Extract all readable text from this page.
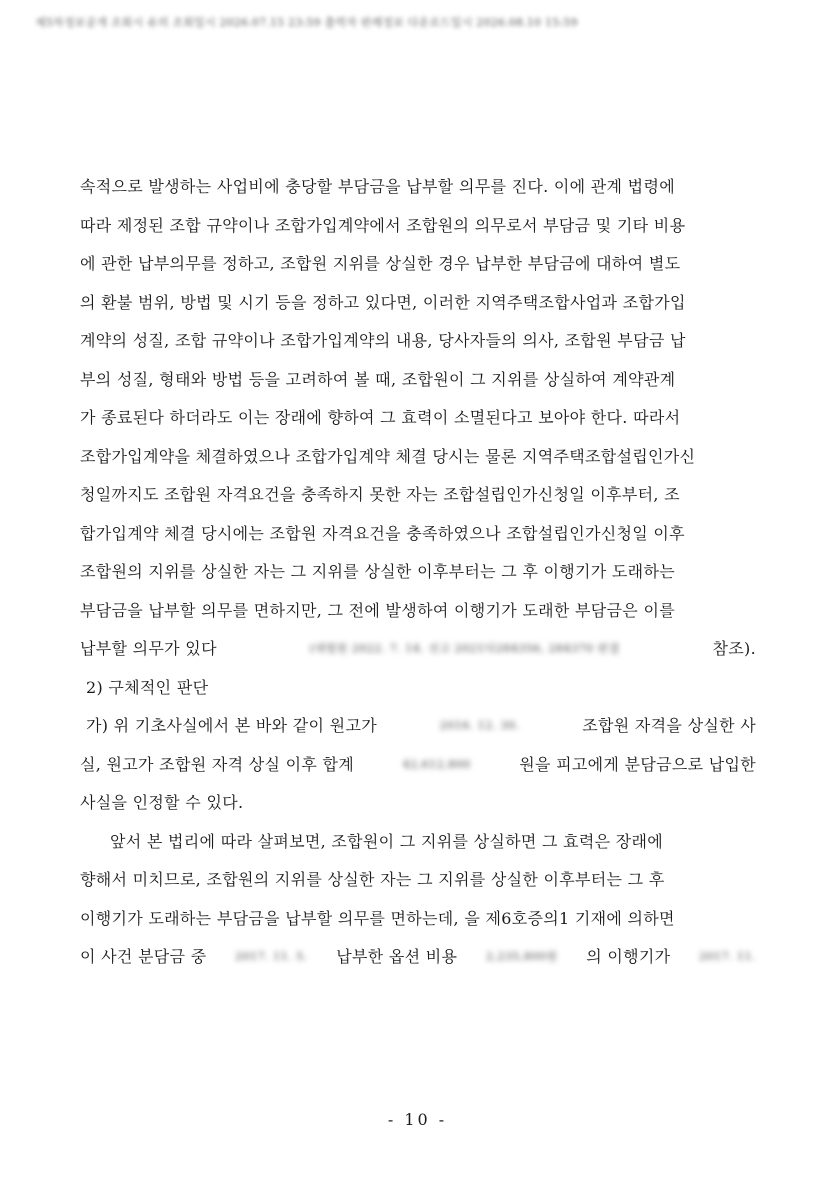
제5차정보공개 조회시 유의 조회일시 2026.07.15 23:59 출력자 판례정보 다운로드일시 2026.08.10 15:59
속적으로 발생하는 사업비에 충당할 부담금을 납부할 의무를 진다. 이에 관계 법령에
따라 제정된 조합 규약이나 조합가입계약에서 조합원의 의무로서 부담금 및 기타 비용
에 관한 납부의무를 정하고, 조합원 지위를 상실한 경우 납부한 부담금에 대하여 별도
의 환불 범위, 방법 및 시기 등을 정하고 있다면, 이러한 지역주택조합사업과 조합가입
계약의 성질, 조합 규약이나 조합가입계약의 내용, 당사자들의 의사, 조합원 부담금 납
부의 성질, 형태와 방법 등을 고려하여 볼 때, 조합원이 그 지위를 상실하여 계약관계
가 종료된다 하더라도 이는 장래에 향하여 그 효력이 소멸된다고 보아야 한다. 따라서
조합가입계약을 체결하였으나 조합가입계약 체결 당시는 물론 지역주택조합설립인가신
청일까지도 조합원 자격요건을 충족하지 못한 자는 조합설립인가신청일 이후부터, 조
합가입계약 체결 당시에는 조합원 자격요건을 충족하였으나 조합설립인가신청일 이후
조합원의 지위를 상실한 자는 그 지위를 상실한 이후부터는 그 후 이행기가 도래하는
부담금을 납부할 의무를 면하지만, 그 전에 발생하여 이행기가 도래한 부담금은 이를
납부할 의무가 있다	(대법원 2022. 7. 14. 선고 2021다284356, 284370 판결	참조).
2) 구체적인 판단
가) 위 기초사실에서 본 바와 같이 원고가	2016. 12. 30.	조합원 자격을 상실한 사
실, 원고가 조합원 자격 상실 이후 합계	42,612,800	원을 피고에게 분담금으로 납입한
사실을 인정할 수 있다.
앞서 본 법리에 따라 살펴보면, 조합원이 그 지위를 상실하면 그 효력은 장래에
향해서 미치므로, 조합원의 지위를 상실한 자는 그 지위를 상실한 이후부터는 그 후
이행기가 도래하는 부담금을 납부할 의무를 면하는데, 을 제6호증의1 기재에 의하면
이 사건 분담금 중	2017. 11. 5. 납부한 옵션 비용	2,235,800원 의 이행기가	2017. 11.
- 10 -
